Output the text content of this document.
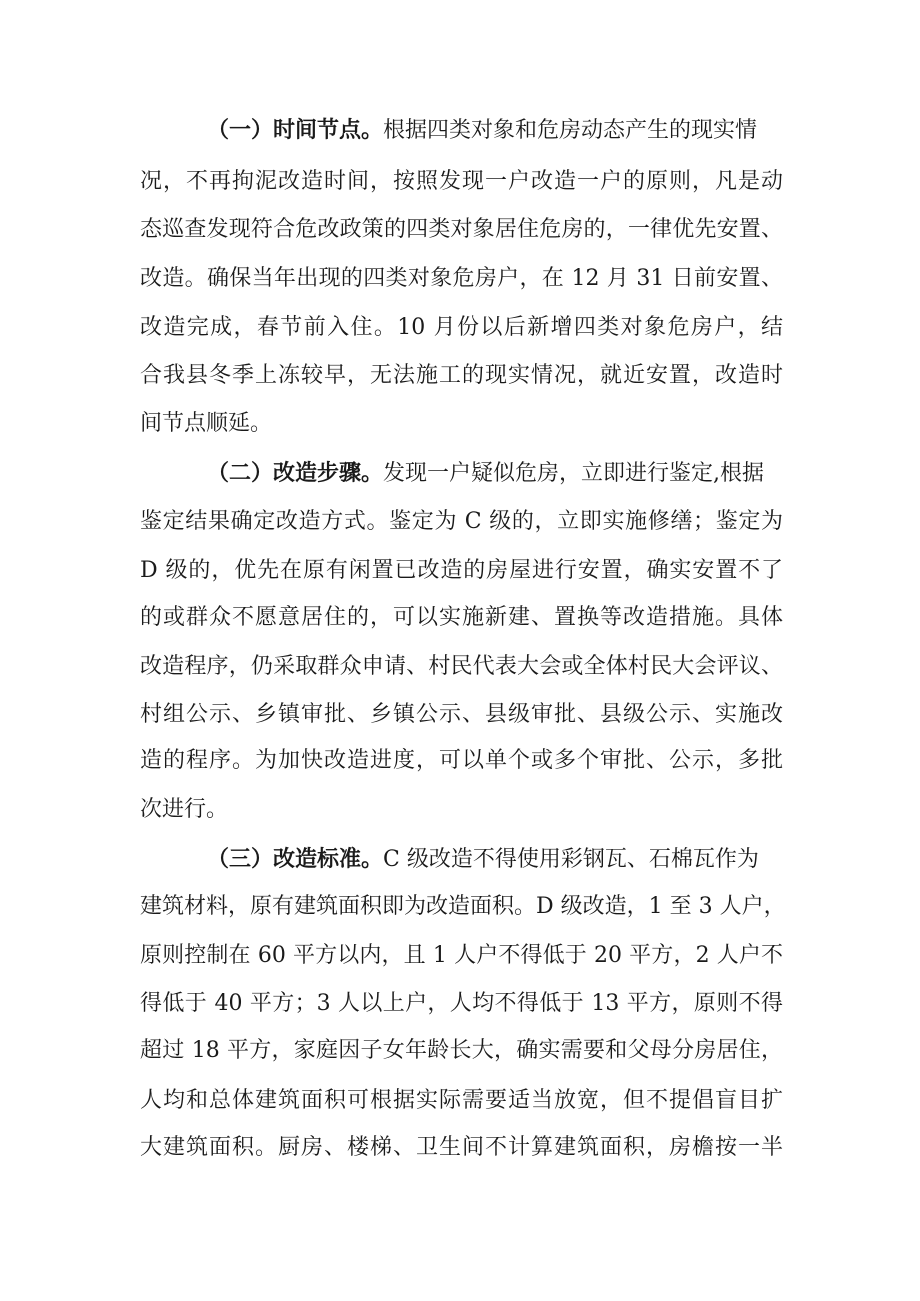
（一）时间节点。根据四类对象和危房动态产生的现实情
况，不再拘泥改造时间，按照发现一户改造一户的原则，凡是动
态巡查发现符合危改政策的四类对象居住危房的，一律优先安置、
改造。确保当年出现的四类对象危房户，在 12 月 31 日前安置、
改造完成，春节前入住。10 月份以后新增四类对象危房户，结
合我县冬季上冻较早，无法施工的现实情况，就近安置，改造时
间节点顺延。
（二）改造步骤。发现一户疑似危房，立即进行鉴定,根据
鉴定结果确定改造方式。鉴定为 C 级的，立即实施修缮；鉴定为
D 级的，优先在原有闲置已改造的房屋进行安置，确实安置不了
的或群众不愿意居住的，可以实施新建、置换等改造措施。具体
改造程序，仍采取群众申请、村民代表大会或全体村民大会评议、
村组公示、乡镇审批、乡镇公示、县级审批、县级公示、实施改
造的程序。为加快改造进度，可以单个或多个审批、公示，多批
次进行。
（三）改造标准。C 级改造不得使用彩钢瓦、石棉瓦作为
建筑材料，原有建筑面积即为改造面积。D 级改造，1 至 3 人户，
原则控制在 60 平方以内，且 1 人户不得低于 20 平方，2 人户不
得低于 40 平方；3 人以上户，人均不得低于 13 平方，原则不得
超过 18 平方，家庭因子女年龄长大，确实需要和父母分房居住，
人均和总体建筑面积可根据实际需要适当放宽，但不提倡盲目扩
大建筑面积。厨房、楼梯、卫生间不计算建筑面积，房檐按一半
